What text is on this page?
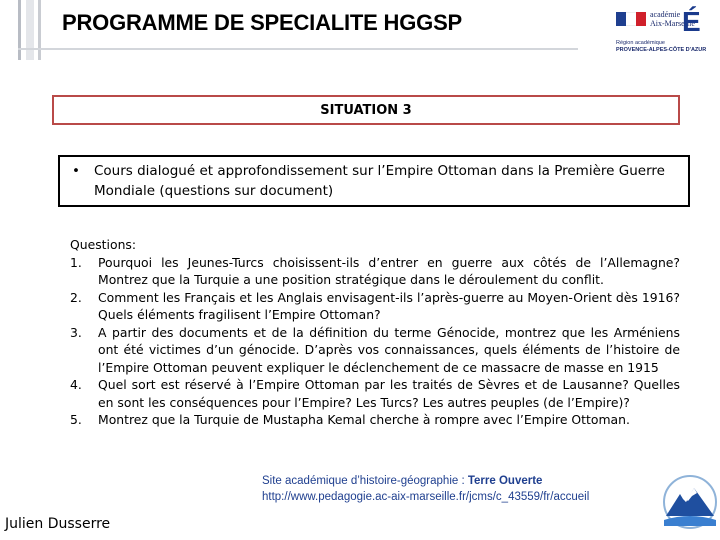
PROGRAMME DE SPECIALITE HGGSP	académie
Aix-Marseille
É
Région académique
PROVENCE-ALPES-CÔTE D'AZUR
SITUATION 3
• Cours dialogué et approfondissement sur l’Empire Ottoman dans la Première Guerre Mondiale (questions sur document)

Questions:

1. Pourquoi les Jeunes-Turcs choisissent-ils d’entrer en guerre aux côtés de l’Allemagne? Montrez que la Turquie a une position stratégique dans le déroulement du conflit.
2. Comment les Français et les Anglais envisagent-ils l’après-guerre au Moyen-Orient dès 1916? Quels éléments fragilisent l’Empire Ottoman?
3. A partir des documents et de la définition du terme Génocide, montrez que les Arméniens ont été victimes d’un génocide. D’après vos connaissances, quels éléments de l’histoire de l’Empire Ottoman peuvent expliquer le déclenchement de ce massacre de masse en 1915
4. Quel sort est réservé à l’Empire Ottoman par les traités de Sèvres et de Lausanne? Quelles en sont les conséquences pour l’Empire? Les Turcs? Les autres peuples (de l’Empire)?
5. Montrez que la Turquie de Mustapha Kemal cherche à rompre avec l’Empire Ottoman.
Julien Dusserre
Site académique d’histoire-géographie : Terre Ouverte
http://www.pedagogie.ac-aix-marseille.fr/jcms/c_43559/fr/accueil
